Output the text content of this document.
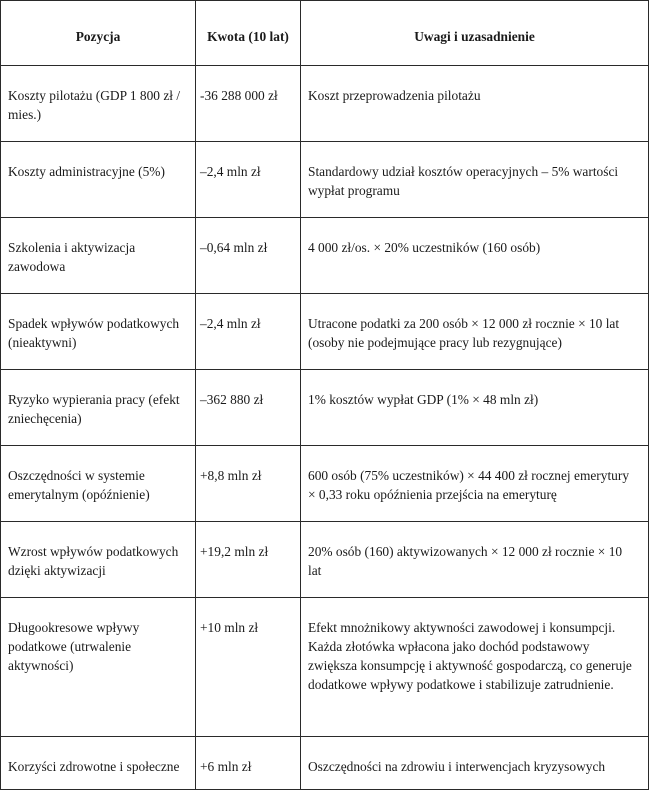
Pozycja	Kwota (10 lat)	Uwagi i uzasadnienie
Koszty pilotażu (GDP 1 800 zł / mies.)	-36 288 000 zł	Koszt przeprowadzenia pilotażu
Koszty administracyjne (5%)	–2,4 mln zł	Standardowy udział kosztów operacyjnych – 5% wartości wypłat programu
Szkolenia i aktywizacja zawodowa	–0,64 mln zł	4 000 zł/os. × 20% uczestników (160 osób)
Spadek wpływów podatkowych (nieaktywni)	–2,4 mln zł	Utracone podatki za 200 osób × 12 000 zł rocznie × 10 lat (osoby nie podejmujące pracy lub rezygnujące)
Ryzyko wypierania pracy (efekt zniechęcenia)	–362 880 zł	1% kosztów wypłat GDP (1% × 48 mln zł)
Oszczędności w systemie emerytalnym (opóźnienie)	+8,8 mln zł	600 osób (75% uczestników) × 44 400 zł rocznej emerytury × 0,33 roku opóźnienia przejścia na emeryturę
Wzrost wpływów podatkowych dzięki aktywizacji	+19,2 mln zł	20% osób (160) aktywizowanych × 12 000 zł rocznie × 10 lat
Długookresowe wpływy podatkowe (utrwalenie aktywności)	+10 mln zł	Efekt mnożnikowy aktywności zawodowej i konsumpcji. Każda złotówka wpłacona jako dochód podstawowy zwiększa konsumpcję i aktywność gospodarczą, co generuje dodatkowe wpływy podatkowe i stabilizuje zatrudnienie.
Korzyści zdrowotne i społeczne	+6 mln zł	Oszczędności na zdrowiu i interwencjach kryzysowych
